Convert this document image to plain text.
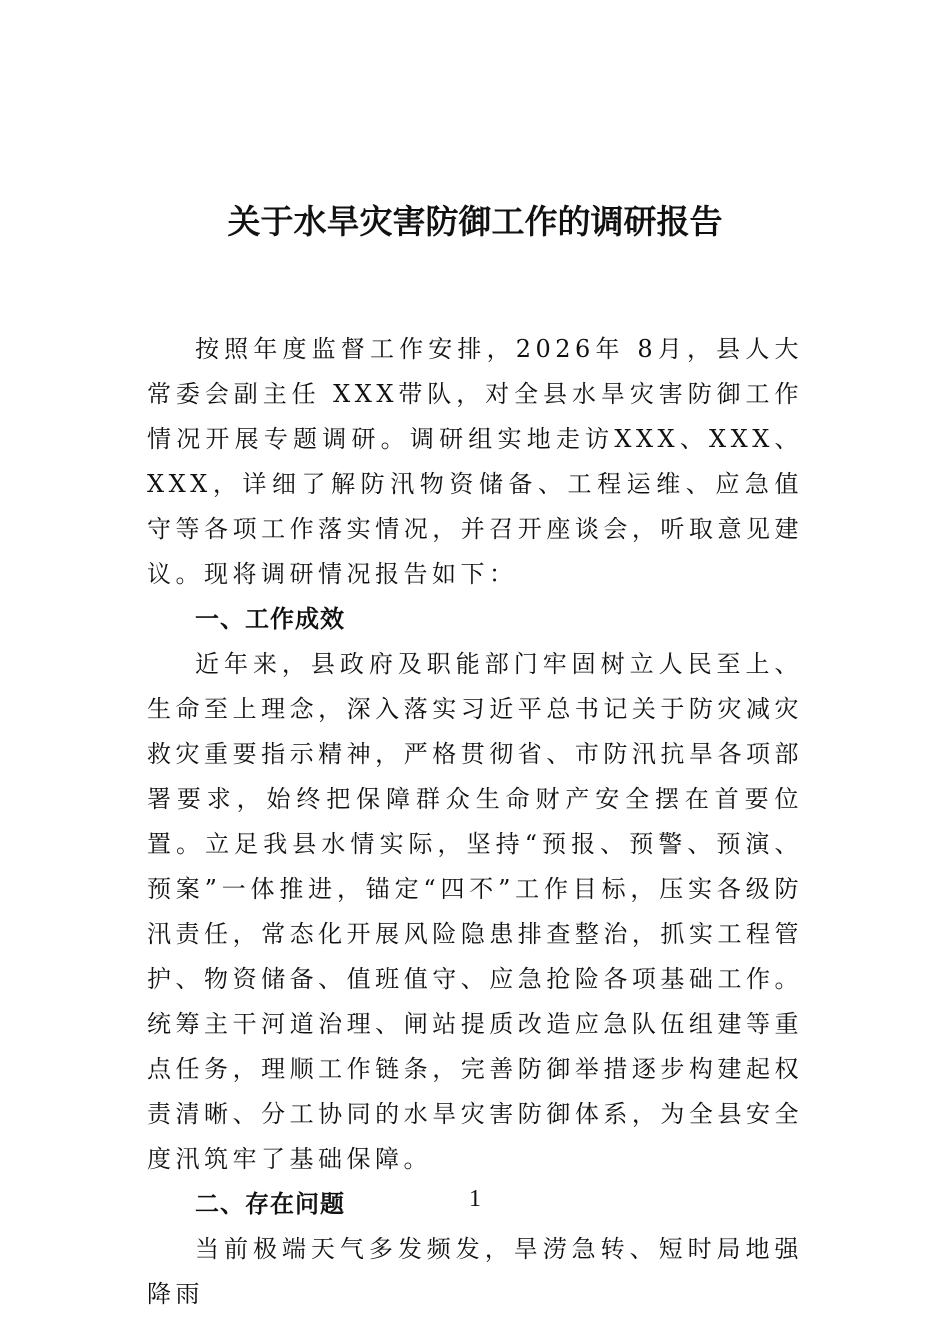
关于水旱灾害防御工作的调研报告

按照年度监督工作安排，2026年 8月，县人大常委会副主任 XXX带队，对全县水旱灾害防御工作情况开展专题调研。调研组实地走访XXX、XXX、XXX，详细了解防汛物资储备、工程运维、应急值守等各项工作落实情况，并召开座谈会，听取意见建议。现将调研情况报告如下：

一、工作成效

近年来，县政府及职能部门牢固树立人民至上、生命至上理念，深入落实习近平总书记关于防灾减灾救灾重要指示精神，严格贯彻省、市防汛抗旱各项部署要求，始终把保障群众生命财产安全摆在首要位置。立足我县水情实际，坚持“预报、预警、预演、预案”一体推进，锚定“四不”工作目标，压实各级防汛责任，常态化开展风险隐患排查整治，抓实工程管护、物资储备、值班值守、应急抢险各项基础工作。统筹主干河道治理、闸站提质改造应急队伍组建等重点任务，理顺工作链条，完善防御举措逐步构建起权责清晰、分工协同的水旱灾害防御体系，为全县安全度汛筑牢了基础保障。

二、存在问题

当前极端天气多发频发，旱涝急转、短时局地强降雨

1
